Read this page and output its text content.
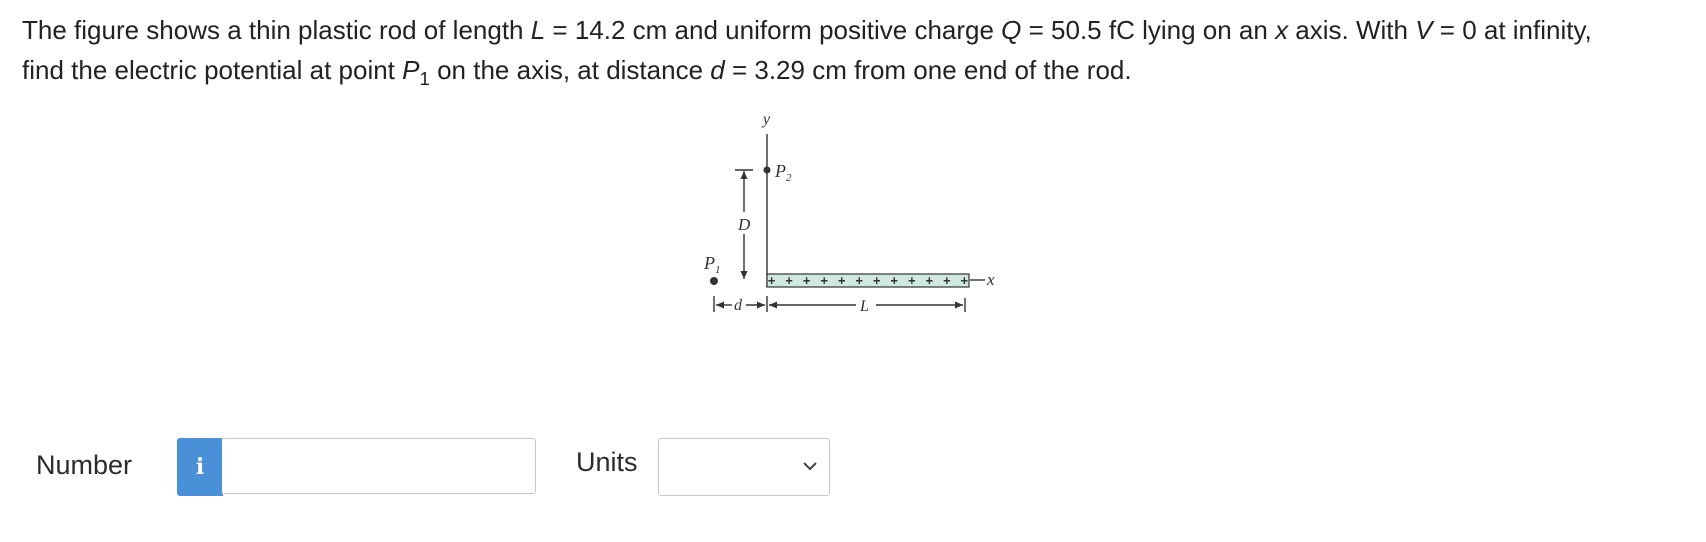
The figure shows a thin plastic rod of length L = 14.2 cm and uniform positive charge Q = 50.5 fC lying on an x axis. With V = 0 at infinity,

find the electric potential at point $P_1$ on the axis, at distance d = 3.29 cm from one end of the rod.

+ + + + + + + + + + + +
y
$P_2$
D
$P_1$	x
d	L
Number	i	Units
